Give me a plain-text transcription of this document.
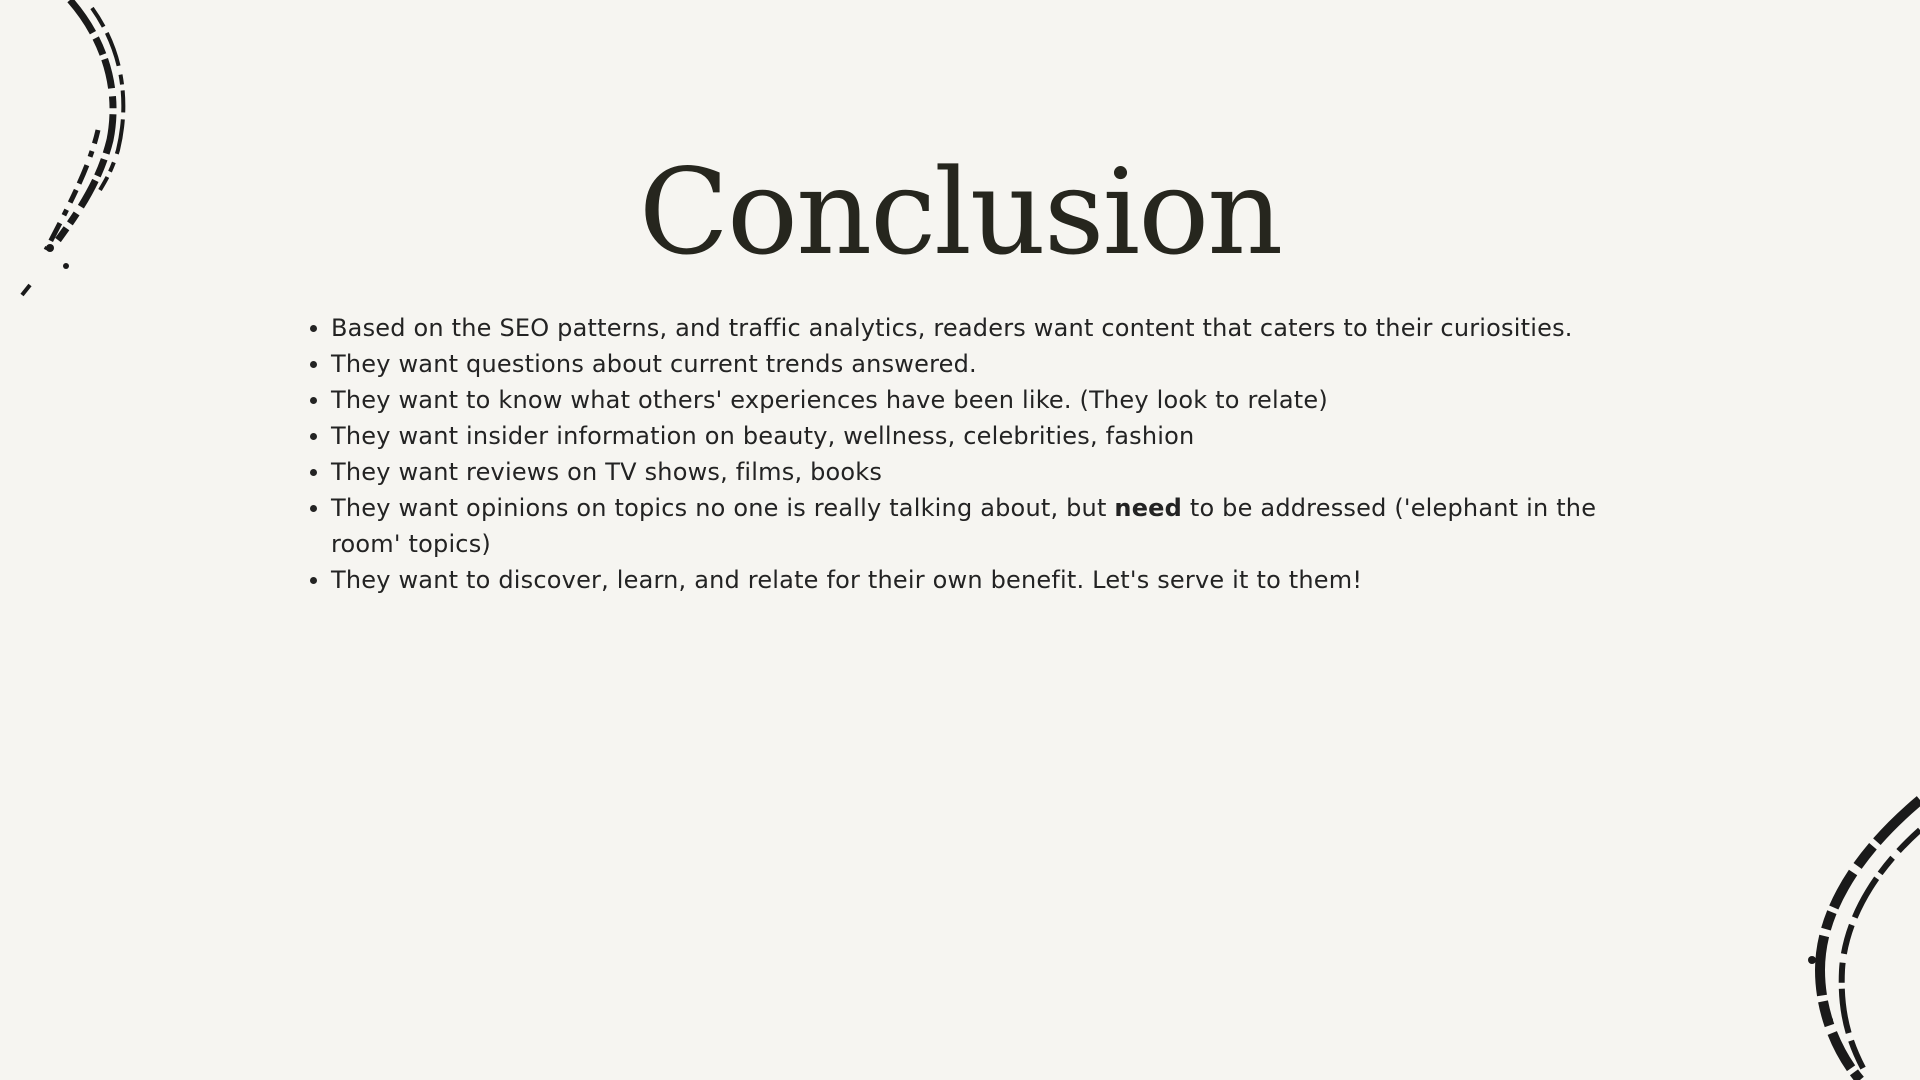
Conclusion
Based on the SEO patterns, and traffic analytics, readers want content that caters to their curiosities.
They want questions about current trends answered.
They want to know what others' experiences have been like. (They look to relate)
They want insider information on beauty, wellness, celebrities, fashion
They want reviews on TV shows, films, books
They want opinions on topics no one is really talking about, but need to be addressed ('elephant in the room' topics)
They want to discover, learn, and relate for their own benefit. Let's serve it to them!
